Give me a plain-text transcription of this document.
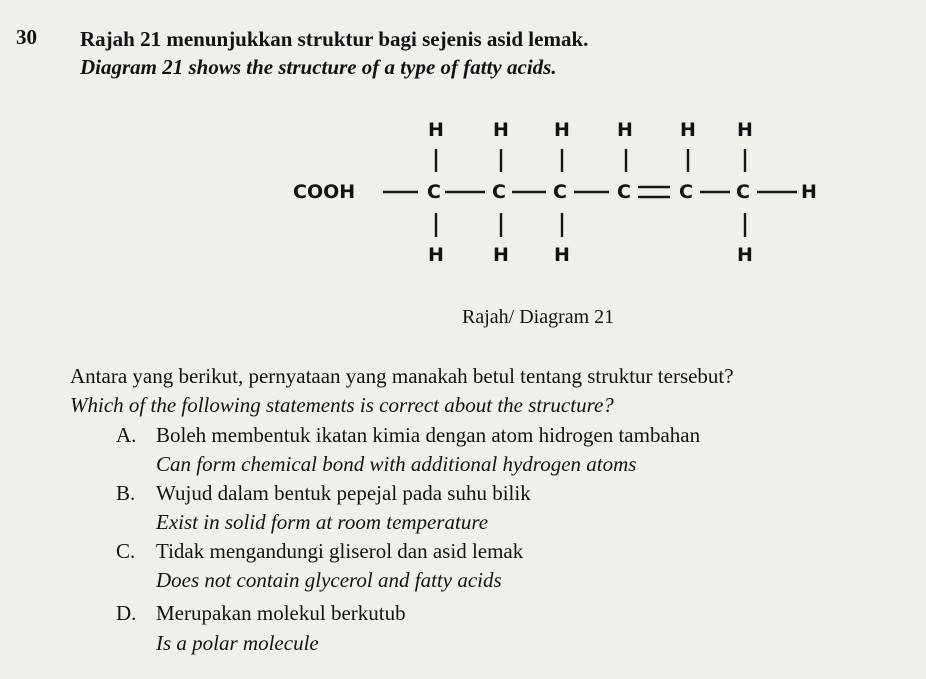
30 Rajah 21 menunjukkan struktur bagi sejenis asid lemak.
Diagram 21 shows the structure of a type of fatty acids.
COOH
H	H H H H H
C	C C	C	C C	H
H	H H	H
Rajah/ Diagram 21
Antara yang berikut, pernyataan yang manakah betul tentang struktur tersebut?
Which of the following statements is correct about the structure?
A. Boleh membentuk ikatan kimia dengan atom hidrogen tambahan
Can form chemical bond with additional hydrogen atoms
B. Wujud dalam bentuk pepejal pada suhu bilik
Exist in solid form at room temperature
C. Tidak mengandungi gliserol dan asid lemak
Does not contain glycerol and fatty acids
D. Merupakan molekul berkutub
Is a polar molecule
